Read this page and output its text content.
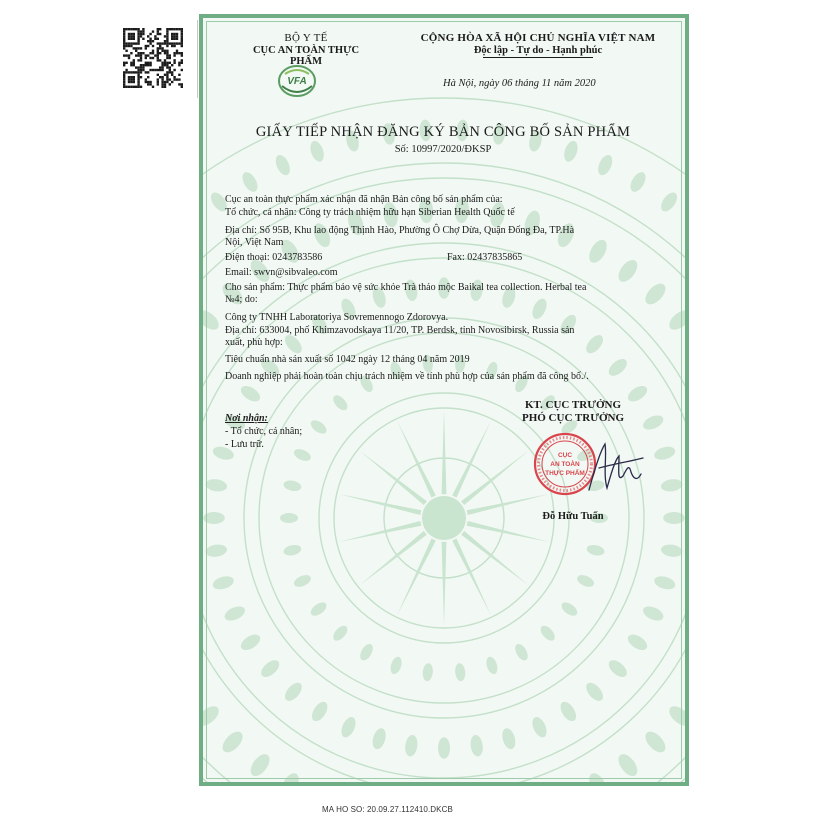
BỘ Y TẾ
CỤC AN TOÀN THỰC PHẨM
VFA
CỘNG HÒA XÃ HỘI CHỦ NGHĨA VIỆT NAM
Độc lập - Tự do - Hạnh phúc
Hà Nội, ngày 06 tháng 11 năm 2020
GIẤY TIẾP NHẬN ĐĂNG KÝ BẢN CÔNG BỐ SẢN PHẨM
Số: 10997/2020/ĐKSP
Cục an toàn thực phẩm xác nhận đã nhận Bản công bố sản phẩm của:
Tổ chức, cá nhân: Công ty trách nhiệm hữu hạn Siberian Health Quốc tế
Địa chỉ: Số 95B, Khu lao động Thịnh Hào, Phường Ô Chợ Dừa, Quận Đống Đa, TP.Hà
Nội, Việt Nam
Điện thoại: 0243783586	Fax: 02437835865
Email: swvn@sibvaleo.com
Cho sản phẩm: Thực phẩm bảo vệ sức khỏe Trà thảo mộc Baikal tea collection. Herbal tea
№4; do:
Công ty TNHH Laboratoriya Sovremennogo Zdorovya.
Địa chỉ: 633004, phố Khimzavodskaya 11/20, TP. Berdsk, tỉnh Novosibirsk, Russia sản
xuất, phù hợp:
Tiêu chuẩn nhà sản xuất số 1042 ngày 12 tháng 04 năm 2019
Doanh nghiệp phải hoàn toàn chịu trách nhiệm về tính phù hợp của sản phẩm đã công bố./.
Nơi nhận:
- Tổ chức, cá nhân;
- Lưu trữ.
KT. CỤC TRƯỞNG
PHÓ CỤC TRƯỞNG
CỤC
AN TOÀN
THỰC PHẨM
Đỗ Hữu Tuấn
MA HO SO: 20.09.27.112410.DKCB
